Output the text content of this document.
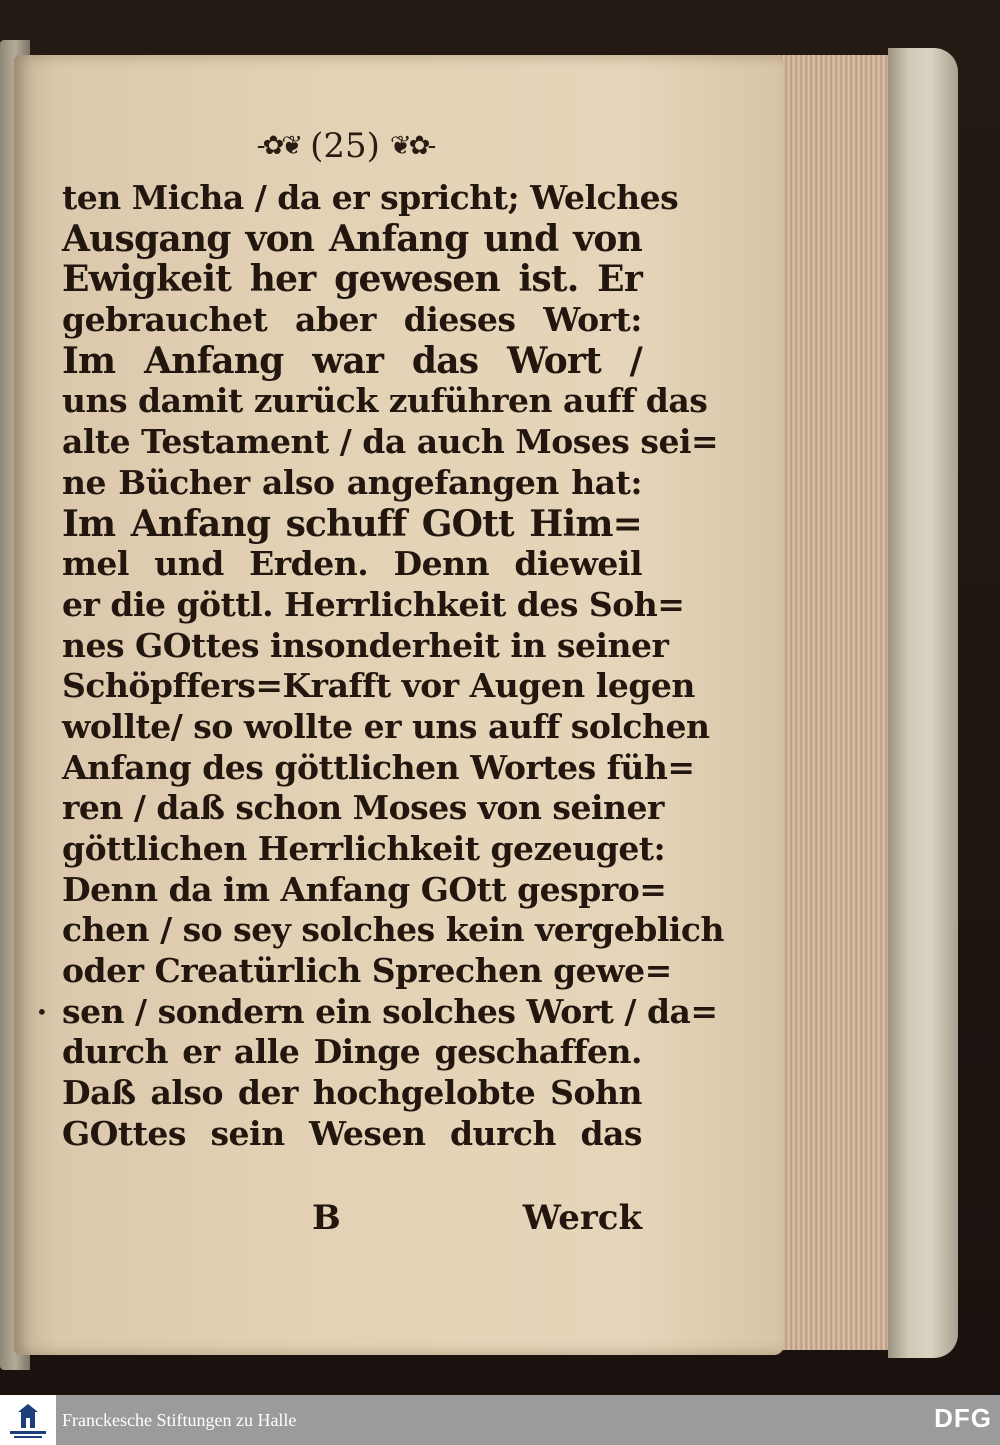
-✿❦ (25) ❦✿-
ten Micha / da er spricht; Welches
Ausgang von Anfang und von
Ewigkeit her gewesen ist. Er
gebrauchet aber dieses Wort:
Im Anfang war das Wort /
uns damit zurück zuführen auff das
alte Testament / da auch Moses sei=
ne Bücher also angefangen hat:
Im Anfang schuff GOtt Him=
mel und Erden. Denn dieweil
er die göttl. Herrlichkeit des Soh=
nes GOttes insonderheit in seiner
Schöpffers=Krafft vor Augen legen
wollte/ so wollte er uns auff solchen
Anfang des göttlichen Wortes füh=
ren / daß schon Moses von seiner
göttlichen Herrlichkeit gezeuget:
Denn da im Anfang GOtt gespro=
chen / so sey solches kein vergeblich
oder Creatürlich Sprechen gewe=
sen / sondern ein solches Wort / da=
durch er alle Dinge geschaffen.
Daß also der hochgelobte Sohn
GOttes sein Wesen durch das
•
B	Werck
Franckesche Stiftungen zu Halle	DFG
